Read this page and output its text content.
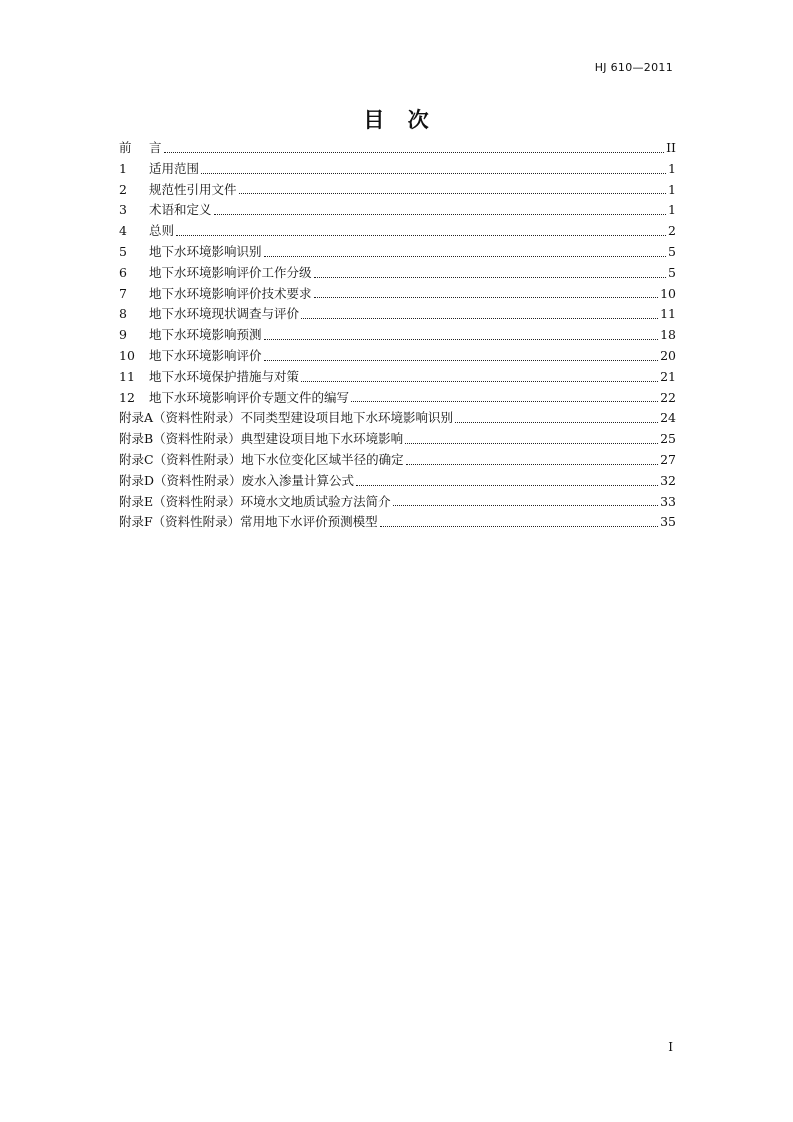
HJ 610—2011
目 次
前	言	II
1	适用范围	1
2	规范性引用文件	1
3	术语和定义	1
4	总则	2
5	地下水环境影响识别	5
6	地下水环境影响评价工作分级	5
7	地下水环境影响评价技术要求	10
8	地下水环境现状调查与评价	11
9	地下水环境影响预测	18
10	地下水环境影响评价	20
11	地下水环境保护措施与对策	21
12	地下水环境影响评价专题文件的编写	22
附录A（资料性附录）不同类型建设项目地下水环境影响识别	24
附录B（资料性附录）典型建设项目地下水环境影响	25
附录C（资料性附录）地下水位变化区域半径的确定	27
附录D（资料性附录）废水入渗量计算公式	32
附录E（资料性附录）环境水文地质试验方法简介	33
附录F（资料性附录）常用地下水评价预测模型	35
I
